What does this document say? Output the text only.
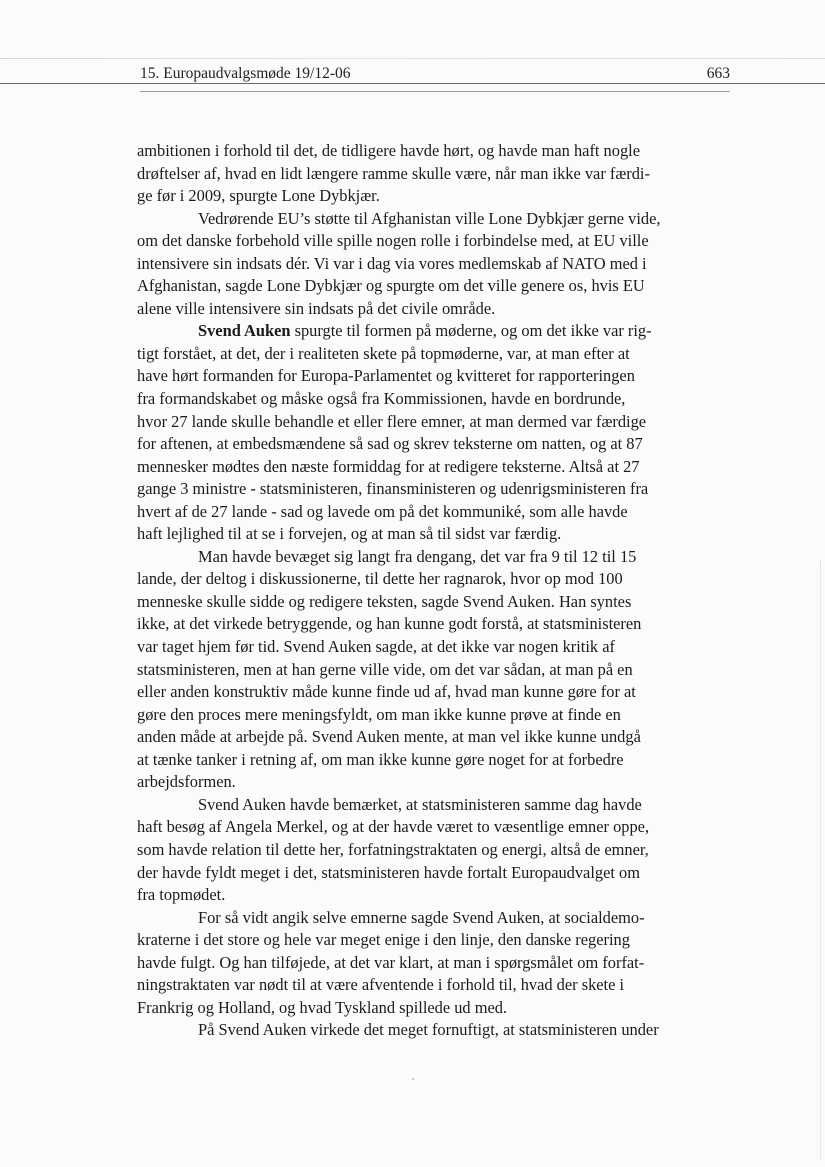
15. Europaudvalgsmøde 19/12-06	663
ambitionen i forhold til det, de tidligere havde hørt, og havde man haft nogle
drøftelser af, hvad en lidt længere ramme skulle være, når man ikke var færdi-
ge før i 2009, spurgte Lone Dybkjær.
Vedrørende EU’s støtte til Afghanistan ville Lone Dybkjær gerne vide,
om det danske forbehold ville spille nogen rolle i forbindelse med, at EU ville
intensivere sin indsats dér. Vi var i dag via vores medlemskab af NATO med i
Afghanistan, sagde Lone Dybkjær og spurgte om det ville genere os, hvis EU
alene ville intensivere sin indsats på det civile område.
Svend Auken spurgte til formen på møderne, og om det ikke var rig-
tigt forstået, at det, der i realiteten skete på topmøderne, var, at man efter at
have hørt formanden for Europa-Parlamentet og kvitteret for rapporteringen
fra formandskabet og måske også fra Kommissionen, havde en bordrunde,
hvor 27 lande skulle behandle et eller flere emner, at man dermed var færdige
for aftenen, at embedsmændene så sad og skrev teksterne om natten, og at 87
mennesker mødtes den næste formiddag for at redigere teksterne. Altså at 27
gange 3 ministre - statsministeren, finansministeren og udenrigsministeren fra
hvert af de 27 lande - sad og lavede om på det kommuniké, som alle havde
haft lejlighed til at se i forvejen, og at man så til sidst var færdig.
Man havde bevæget sig langt fra dengang, det var fra 9 til 12 til 15
lande, der deltog i diskussionerne, til dette her ragnarok, hvor op mod 100
menneske skulle sidde og redigere teksten, sagde Svend Auken. Han syntes
ikke, at det virkede betryggende, og han kunne godt forstå, at statsministeren
var taget hjem før tid. Svend Auken sagde, at det ikke var nogen kritik af
statsministeren, men at han gerne ville vide, om det var sådan, at man på en
eller anden konstruktiv måde kunne finde ud af, hvad man kunne gøre for at
gøre den proces mere meningsfyldt, om man ikke kunne prøve at finde en
anden måde at arbejde på. Svend Auken mente, at man vel ikke kunne undgå
at tænke tanker i retning af, om man ikke kunne gøre noget for at forbedre
arbejdsformen.
Svend Auken havde bemærket, at statsministeren samme dag havde
haft besøg af Angela Merkel, og at der havde været to væsentlige emner oppe,
som havde relation til dette her, forfatningstraktaten og energi, altså de emner,
der havde fyldt meget i det, statsministeren havde fortalt Europaudvalget om
fra topmødet.
For så vidt angik selve emnerne sagde Svend Auken, at socialdemo-
kraterne i det store og hele var meget enige i den linje, den danske regering
havde fulgt. Og han tilføjede, at det var klart, at man i spørgsmålet om forfat-
ningstraktaten var nødt til at være afventende i forhold til, hvad der skete i
Frankrig og Holland, og hvad Tyskland spillede ud med.
På Svend Auken virkede det meget fornuftigt, at statsministeren under
